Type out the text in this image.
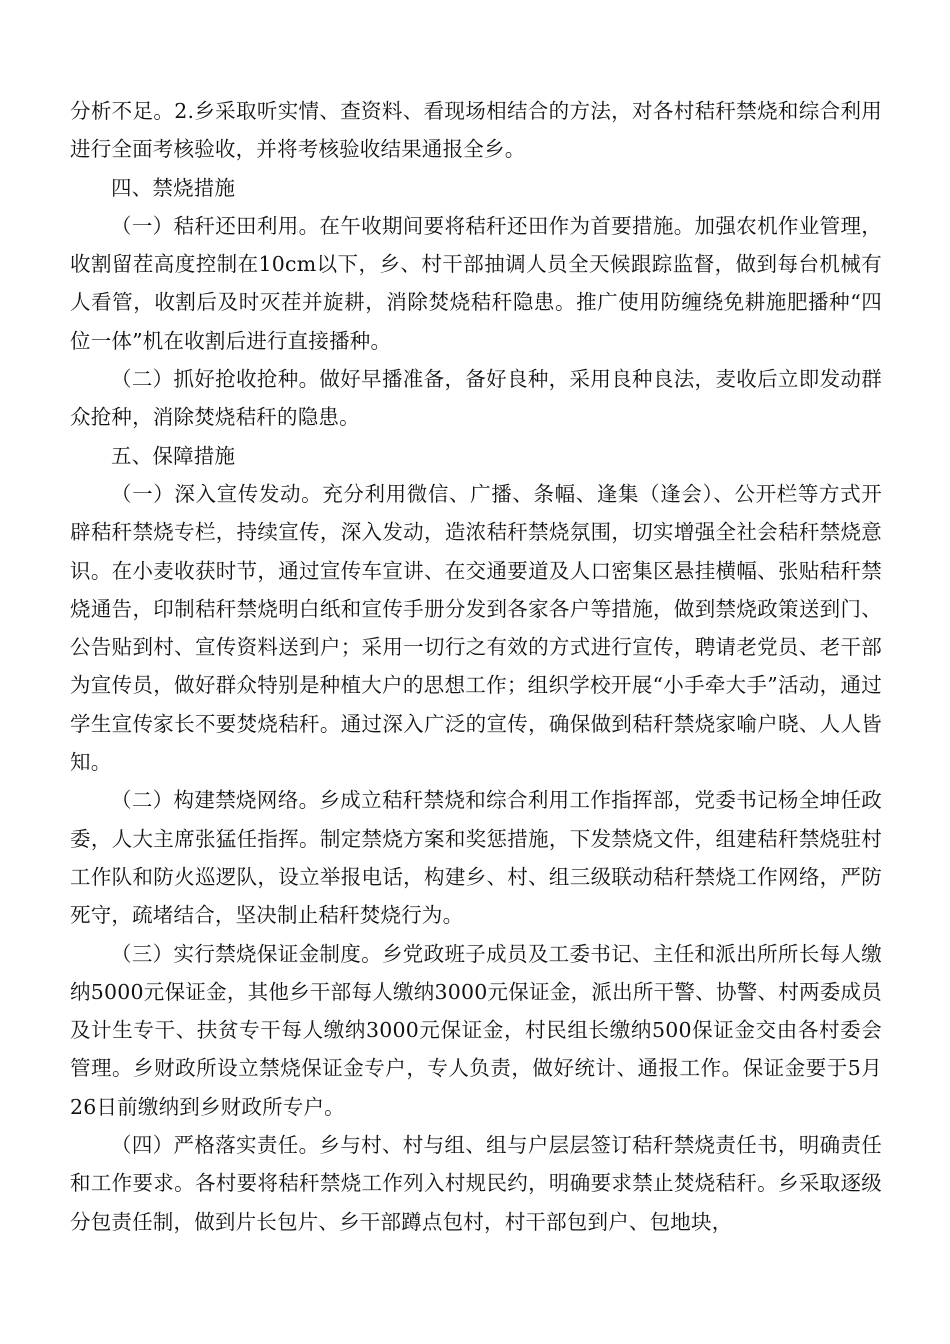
分析不足。2.乡采取听实情、查资料、看现场相结合的方法，对各村秸秆禁烧和综合利用进行全面考核验收，并将考核验收结果通报全乡。

四、禁烧措施

（一）秸秆还田利用。在午收期间要将秸秆还田作为首要措施。加强农机作业管理，收割留茬高度控制在10cm以下，乡、村干部抽调人员全天候跟踪监督，做到每台机械有人看管，收割后及时灭茬并旋耕，消除焚烧秸秆隐患。推广使用防缠绕免耕施肥播种“四位一体”机在收割后进行直接播种。

（二）抓好抢收抢种。做好早播准备，备好良种，采用良种良法，麦收后立即发动群众抢种，消除焚烧秸秆的隐患。

五、保障措施

（一）深入宣传发动。充分利用微信、广播、条幅、逢集（逢会）、公开栏等方式开辟秸秆禁烧专栏，持续宣传，深入发动，造浓秸秆禁烧氛围，切实增强全社会秸秆禁烧意识。在小麦收获时节，通过宣传车宣讲、在交通要道及人口密集区悬挂横幅、张贴秸秆禁烧通告，印制秸秆禁烧明白纸和宣传手册分发到各家各户等措施，做到禁烧政策送到门、公告贴到村、宣传资料送到户；采用一切行之有效的方式进行宣传，聘请老党员、老干部为宣传员，做好群众特别是种植大户的思想工作；组织学校开展“小手牵大手”活动，通过学生宣传家长不要焚烧秸秆。通过深入广泛的宣传，确保做到秸秆禁烧家喻户晓、人人皆知。

（二）构建禁烧网络。乡成立秸秆禁烧和综合利用工作指挥部，党委书记杨全坤任政委，人大主席张猛任指挥。制定禁烧方案和奖惩措施，下发禁烧文件，组建秸秆禁烧驻村工作队和防火巡逻队，设立举报电话，构建乡、村、组三级联动秸秆禁烧工作网络，严防死守，疏堵结合，坚决制止秸秆焚烧行为。

（三）实行禁烧保证金制度。乡党政班子成员及工委书记、主任和派出所所长每人缴纳5000元保证金，其他乡干部每人缴纳3000元保证金，派出所干警、协警、村两委成员及计生专干、扶贫专干每人缴纳3000元保证金，村民组长缴纳500保证金交由各村委会管理。乡财政所设立禁烧保证金专户，专人负责，做好统计、通报工作。保证金要于5月26日前缴纳到乡财政所专户。

（四）严格落实责任。乡与村、村与组、组与户层层签订秸秆禁烧责任书，明确责任和工作要求。各村要将秸秆禁烧工作列入村规民约，明确要求禁止焚烧秸秆。乡采取逐级分包责任制，做到片长包片、乡干部蹲点包村，村干部包到户、包地块，
